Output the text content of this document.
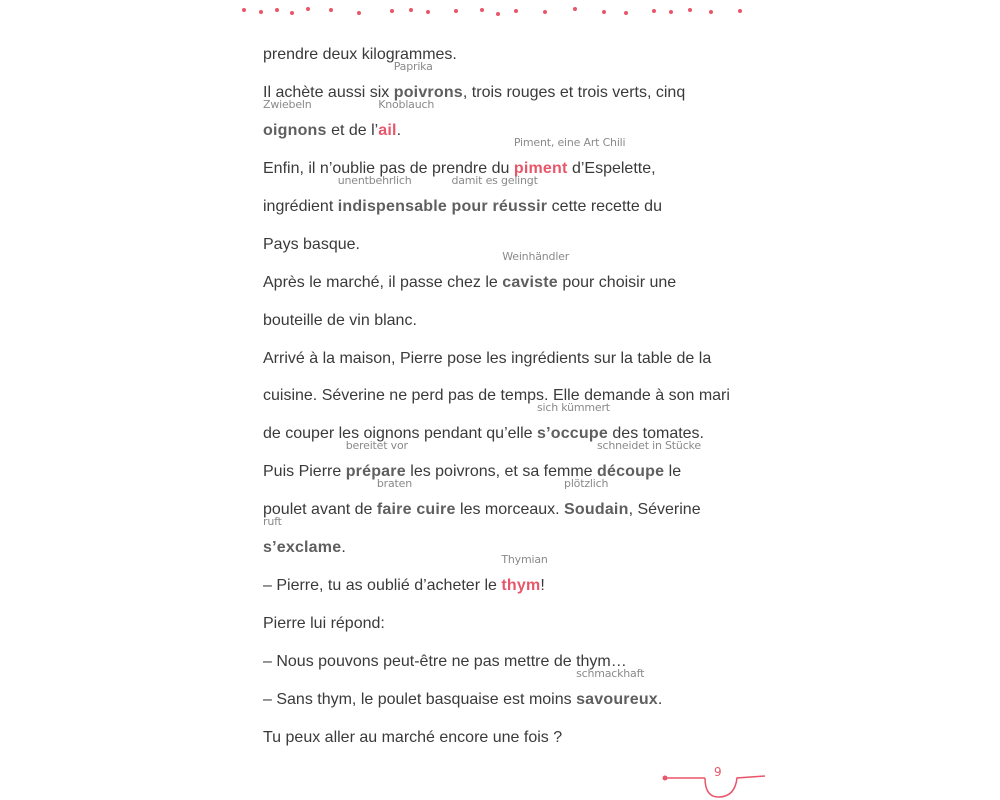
prendre deux kilogrammes.
Il achète aussi six
Paprika
poivrons, trois rouges et trois verts, cinq
Zwiebeln
oignons et de l’
Knoblauch
ail.
Enfin, il n’oublie pas de prendre du
Piment, eine Art Chili
piment d’Espelette,
ingrédient
unentbehrlich
indispensable
damit es gelingt
pour réussir cette recette du
Pays basque.
Après le marché, il passe chez le
Weinhändler
caviste pour choisir une
bouteille de vin blanc.
Arrivé à la maison, Pierre pose les ingrédients sur la table de la
cuisine. Séverine ne perd pas de temps. Elle demande à son mari
de couper les oignons pendant qu’elle
sich kümmert
s’occupe des tomates.
Puis Pierre
bereitet vor
prépare les poivrons, et sa femme
schneidet in Stücke
découpe le
poulet avant de
braten
faire cuire les morceaux.
plötzlich
Soudain, Séverine
ruft
s’exclame.
– Pierre, tu as oublié d’acheter le
Thymian
thym!
Pierre lui répond:
– Nous pouvons peut-être ne pas mettre de thym…
– Sans thym, le poulet basquaise est moins
schmackhaft
savoureux.
Tu peux aller au marché encore une fois ?
9
